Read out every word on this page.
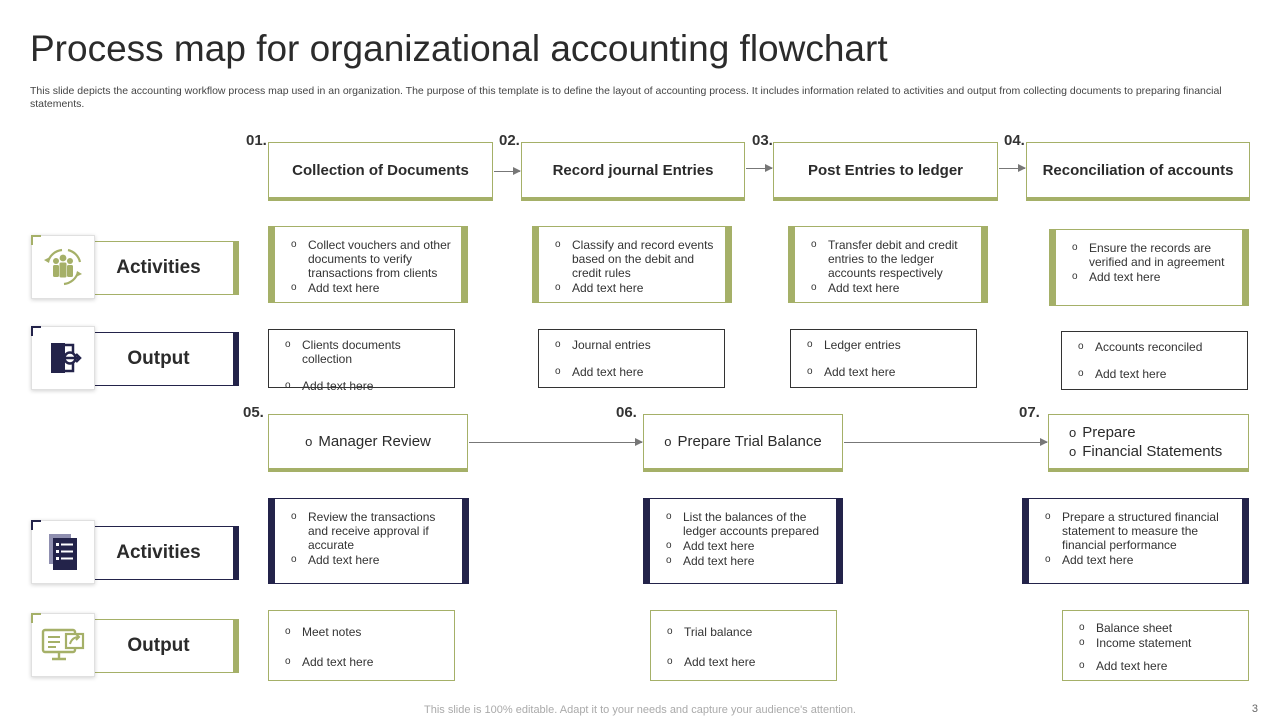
Process map for organizational accounting flowchart
This slide depicts the accounting workflow process map used in an organization. The purpose of this template is to define the layout of accounting process. It includes information related to activities and output from collecting documents to preparing financial statements.
01.	02.	03.	04.
Collection of Documents	Record journal Entries	Post Entries to ledger	Reconciliation of accounts
o Collect vouchers and other documents to verify transactions from clients
o Add text here
o Classify and record events based on the debit and credit rules
o Add text here
o Transfer debit and credit entries to the ledger accounts respectively
o Add text here
o Ensure the records are verified and in agreement
o Add text here
o Clients documents collection
o Add text here
o Journal entries
o Add text here
o Ledger entries
o Add text here
o Accounts reconciled
o Add text here
05.	06.	07.
o Manager Review	o Prepare Trial Balance
o Prepare
o Financial Statements
o Review the transactions and receive approval if accurate
o Add text here
o List the balances of the ledger accounts prepared
o Add text here
o Add text here
o Prepare a structured financial statement to measure the financial performance
o Add text here
o Meet notes
o Add text here
o Trial balance
o Add text here
o Balance sheet
o Income statement
o Add text here
Activities
Output
Activities
Output
This slide is 100% editable. Adapt it to your needs and capture your audience's attention.	3
